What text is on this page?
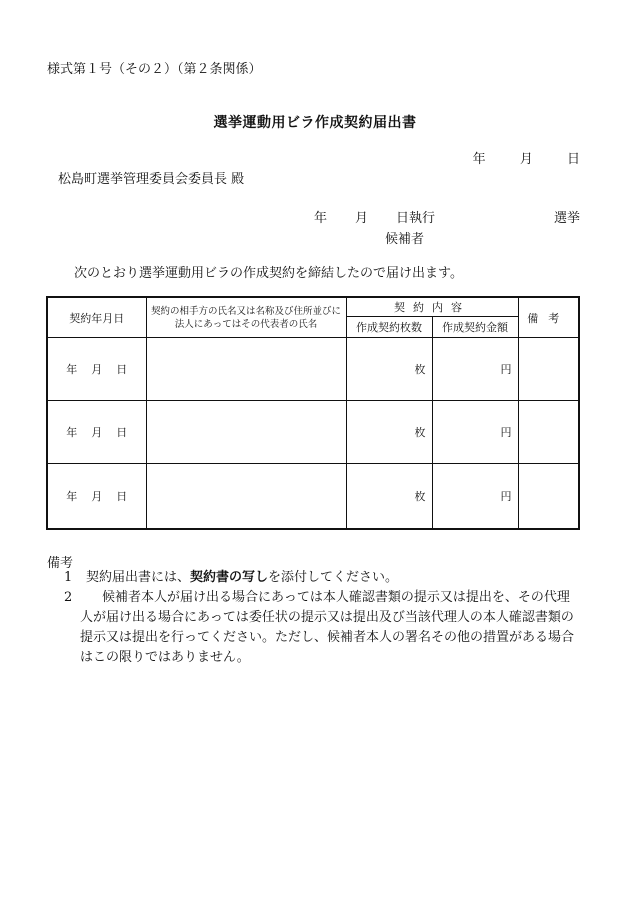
様式第１号（その２）（第２条関係）
選挙運動用ビラ作成契約届出書
年	月	日
松島町選挙管理委員会委員長 殿
年 月 日執行	選挙
候補者
次のとおり選挙運動用ビラの作成契約を締結したので届け出ます。
契約年月日	契約の相手方の氏名又は名称及び住所並びに法人にあってはその代表者の氏名	契約内容		備考
		作成契約枚数	作成契約金額	
年 月 日		枚	円	
年 月 日		枚	円	
年 月 日		枚	円	
備考
1 契約届出書には、契約書の写しを添付してください。
2	候補者本人が届け出る場合にあっては本人確認書類の提示又は提出を、その代理人が届け出る場合にあっては委任状の提示又は提出及び当該代理人の本人確認書類の提示又は提出を行ってください。ただし、候補者本人の署名その他の措置がある場合はこの限りではありません。
